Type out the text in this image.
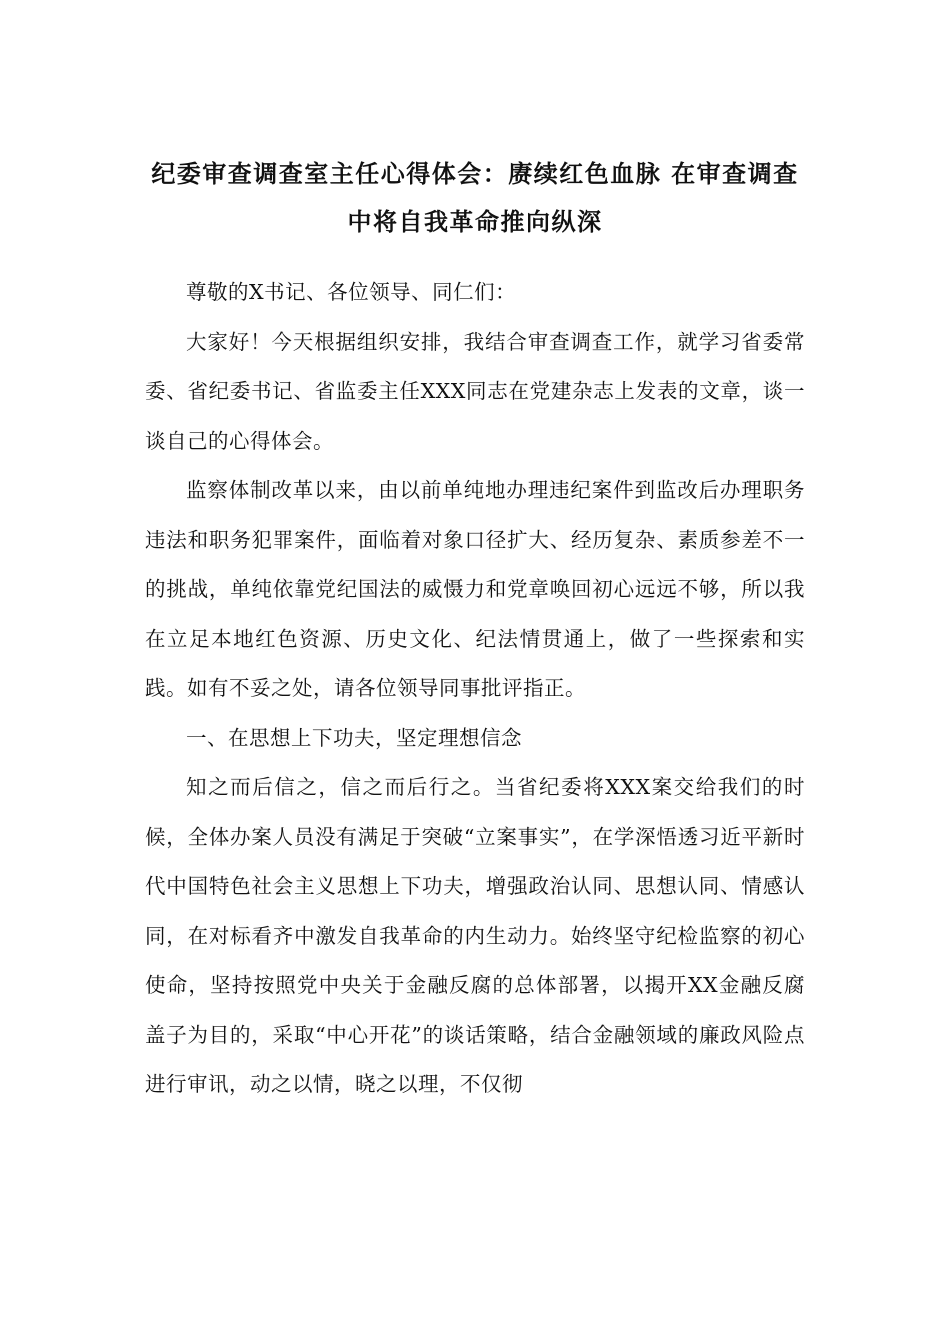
纪委审查调查室主任心得体会：赓续红色血脉 在审查调查
中将自我革命推向纵深

尊敬的X书记、各位领导、同仁们：

大家好！今天根据组织安排，我结合审查调查工作，就学习省委常委、省纪委书记、省监委主任XXX同志在党建杂志上发表的文章，谈一谈自己的心得体会。

监察体制改革以来，由以前单纯地办理违纪案件到监改后办理职务违法和职务犯罪案件，面临着对象口径扩大、经历复杂、素质参差不一的挑战，单纯依靠党纪国法的威慑力和党章唤回初心远远不够，所以我在立足本地红色资源、历史文化、纪法情贯通上，做了一些探索和实践。如有不妥之处，请各位领导同事批评指正。

一、在思想上下功夫，坚定理想信念

知之而后信之，信之而后行之。当省纪委将XXX案交给我们的时候，全体办案人员没有满足于突破“立案事实”，在学深悟透习近平新时代中国特色社会主义思想上下功夫，增强政治认同、思想认同、情感认同，在对标看齐中激发自我革命的内生动力。始终坚守纪检监察的初心使命，坚持按照党中央关于金融反腐的总体部署，以揭开XX金融反腐盖子为目的，采取“中心开花”的谈话策略，结合金融领域的廉政风险点进行审讯，动之以情，晓之以理，不仅彻
